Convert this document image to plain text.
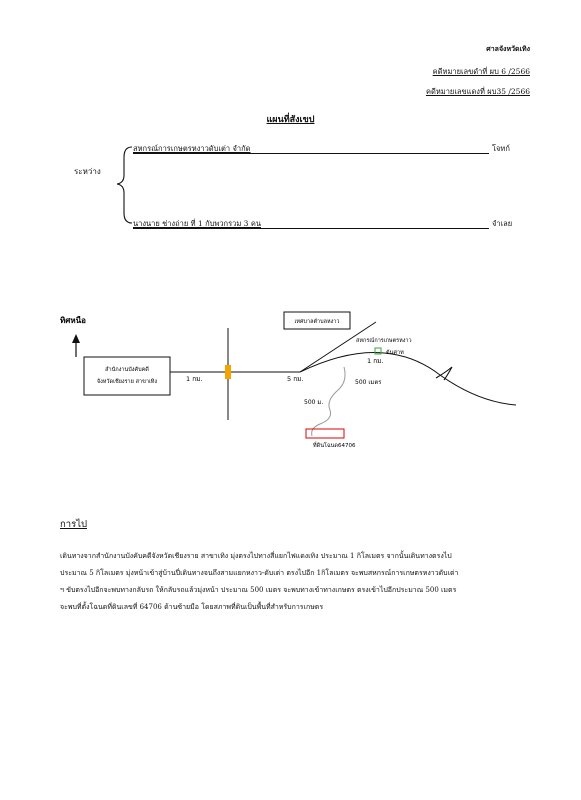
ศาลจังหวัดเทิง
คดีหมายเลขดำที่ ผบ 6 /2566
คดีหมายเลขแดงที่ ผบ35 /2566
แผนที่สังเขป
ระหว่าง
สหกรณ์การเกษตรหงาวดับเต่า จำกัด	โจทก์
นางนาย ช่างถ่าย ที่ 1 กับพวกรวม 3 คน	จำเลย
ทิศหนือ
สำนักงานบังคับคดี
จังหวัดเชียงราย สาขาเทิง	1 กม.	5 กม.
เทศบาลตำบลหงาว
สหกรณ์การเกษตรหงาว
ต้นค่าท
1 กม.
500 เมตร
500 ม.
ที่ดินโฉนด64706
การไป
เดินทางจากสำนักงานบังคับคดีจังหวัดเชียงราย สาขาเทิง มุ่งตรงไปทางสี่แยกไฟแดงเทิง ประมาณ 1 กิโลเมตร จากนั้นเดินทางตรงไป
ประมาณ 5 กิโลเมตร มุ่งหน้าเข้าสู่บ้านปี่เดินทางจนถึงสามแยกหงาว-ดับเต่า ตรงไปอีก 1กิโลเมตร จะพบสหกรณ์การเกษตรหงาวดับเต่า
ฯ ขับตรงไปอีกจะพบทางกลับรถ ให้กลับรถแล้วมุ่งหน้า ประมาณ 500 เมตร จะพบทางเข้าทางเกษตร ตรงเข้าไปอีกประมาณ 500 เมตร
จะพบที่ตั้งโฉนดที่ดินเลขที่ 64706 ด้านซ้ายมือ โดยสภาพที่ดินเป็นพื้นที่สำหรับการเกษตร
